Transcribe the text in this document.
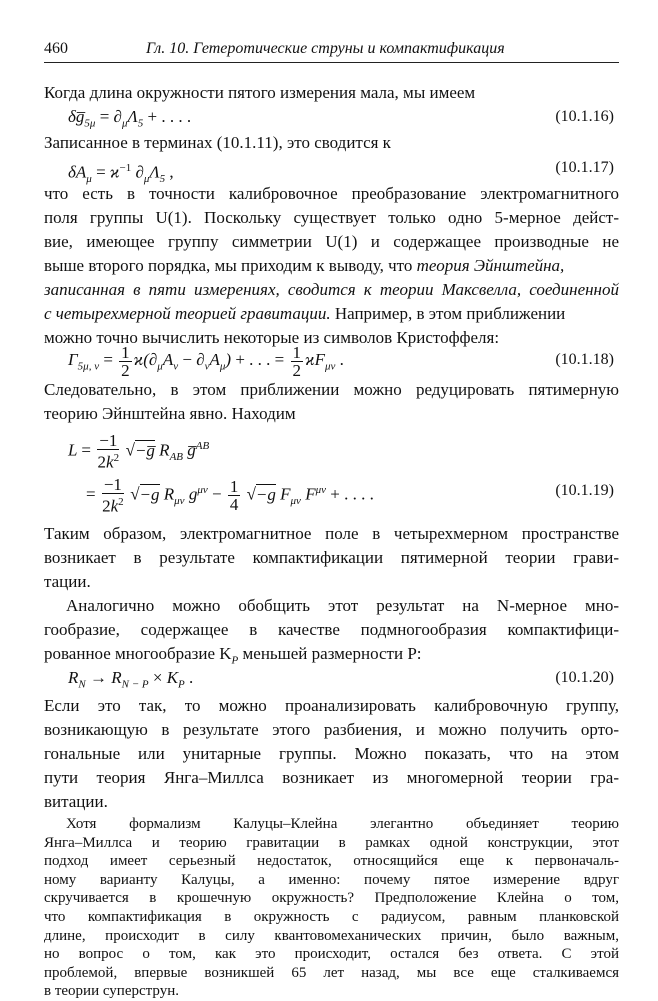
460	Гл. 10. Гетеротические струны и компактификация
Когда длина окружности пятого измерения мала, мы имеем
$\delta g̅_{5\mu} = \partial_\mu\Lambda_5$ + . . . .	(10.1.16)
Записанное в терминах (10.1.11), это сводится к
$\delta A_\mu = ϰ^{-1}$ $\partial_\mu\Lambda_5$ ,	(10.1.17)
что есть в точности калибровочное преобразование электромагнитного
поля группы U(1). Поскольку существует только одно 5-мерное дейст-
вие, имеющее группу симметрии U(1) и содержащее производные не
выше второго порядка, мы приходим к выводу, что теория Эйнштейна,
записанная в пяти измерениях, сводится к теории Максвелла, соединенной
с четырехмерной теорией гравитации. Например, в этом приближении
можно точно вычислить некоторые из символов Кристоффеля:
$\Gamma_{5\mu, \nu} = \frac{1}{2} ϰ(\partial_\mu A_\nu - \partial_\nu A_\mu)$ + . . . = $\frac{1}{2} ϰF_{\mu\nu}$ .	(10.1.18)
Следовательно, в этом приближении можно редуцировать пятимерную
теорию Эйнштейна явно. Находим
$L = \frac{-1}{2k^2}$ √−g̅ $R_{AB}$ g̅$^{AB}$
= $\frac{-1}{2k^2} √-g$ $R_{\mu\nu}$ $g^{\mu\nu} - \frac{1}{4} √-g$ $F_{\mu\nu}$ $F^{\mu\nu}$ + . . . .	(10.1.19)
Таким образом, электромагнитное поле в четырехмерном пространстве
возникает в результате компактификации пятимерной теории грави-
тации.
Аналогично можно обобщить этот результат на N-мерное мно-
гообразие, содержащее в качестве подмногообразия компактифици-
рованное многообразие $K_P$ меньшей размерности P:
$R_N \to R_{N - P} \times K_P$ .	(10.1.20)
Если это так, то можно проанализировать калибровочную группу,
возникающую в результате этого разбиения, и можно получить орто-
гональные или унитарные группы. Можно показать, что на этом
пути теория Янга–Миллса возникает из многомерной теории гра-
витации.
Хотя формализм Калуцы–Клейна элегантно объединяет теорию
Янга–Миллса и теорию гравитации в рамках одной конструкции, этот
подход имеет серьезный недостаток, относящийся еще к первоначаль-
ному варианту Калуцы, а именно: почему пятое измерение вдруг
скручивается в крошечную окружность? Предположение Клейна о том,
что компактификация в окружность с радиусом, равным планковской
длине, происходит в силу квантовомеханических причин, было важным,
но вопрос о том, как это происходит, остался без ответа. С этой
проблемой, впервые возникшей 65 лет назад, мы все еще сталкиваемся
в теории суперструн.
